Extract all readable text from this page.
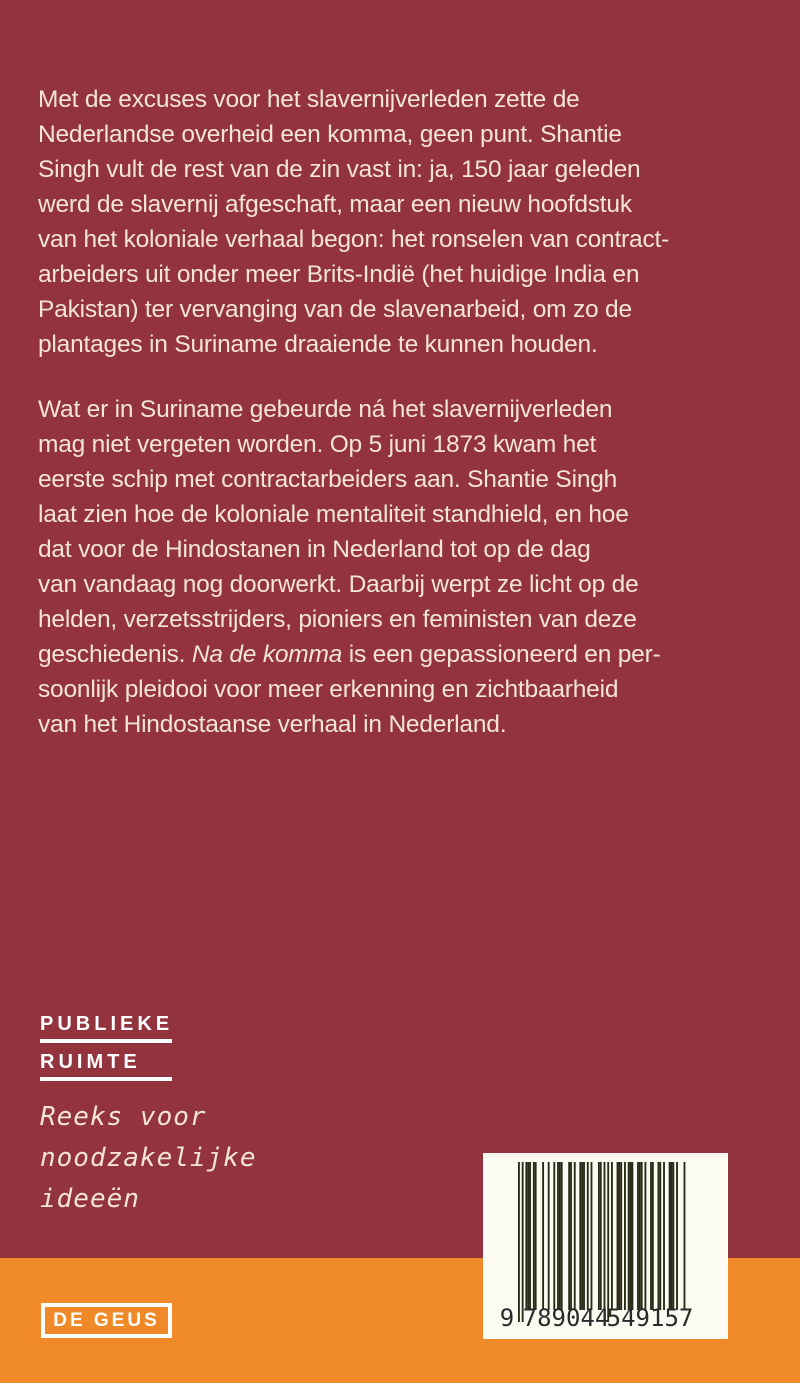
Met de excuses voor het slavernijverleden zette de
Nederlandse overheid een komma, geen punt. Shantie
Singh vult de rest van de zin vast in: ja, 150 jaar geleden
werd de slavernij afgeschaft, maar een nieuw hoofdstuk
van het koloniale verhaal begon: het ronselen van contract-
arbeiders uit onder meer Brits-Indië (het huidige India en
Pakistan) ter vervanging van de slavenarbeid, om zo de
plantages in Suriname draaiende te kunnen houden.
Wat er in Suriname gebeurde ná het slavernijverleden
mag niet vergeten worden. Op 5 juni 1873 kwam het
eerste schip met contractarbeiders aan. Shantie Singh
laat zien hoe de koloniale mentaliteit standhield, en hoe
dat voor de Hindostanen in Nederland tot op de dag
van vandaag nog doorwerkt. Daarbij werpt ze licht op de
helden, verzetsstrijders, pioniers en feministen van deze
geschiedenis. Na de komma is een gepassioneerd en per-
soonlijk pleidooi voor meer erkenning en zichtbaarheid
van het Hindostaanse verhaal in Nederland.
PUBLIEKE
RUIMTE
Reeks voor
noodzakelijke
ideeën
9 789044
549157
DE GEUS
